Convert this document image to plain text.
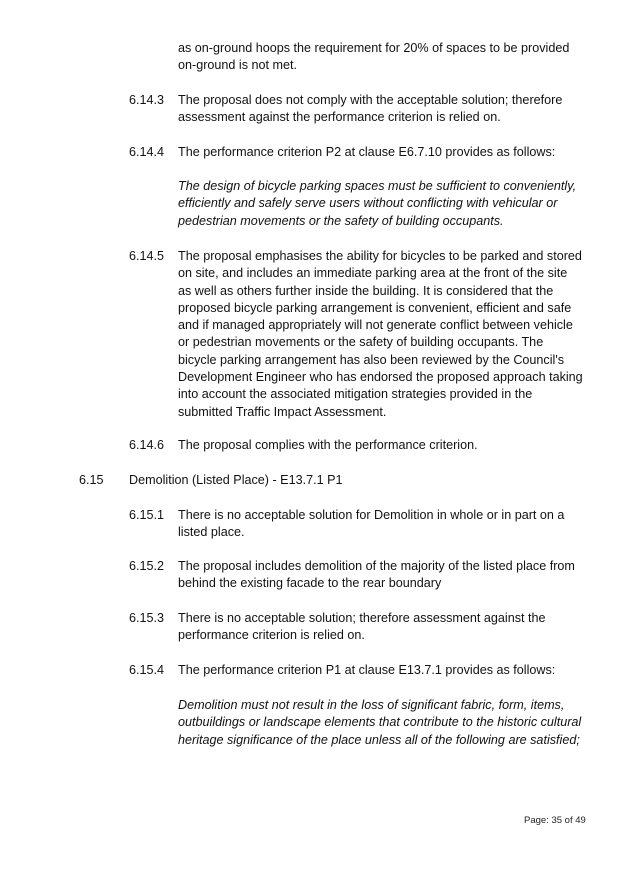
as on-ground hoops the requirement for 20% of spaces to be provided on-ground is not met.

6.14.3 The proposal does not comply with the acceptable solution; therefore assessment against the performance criterion is relied on.

6.14.4 The performance criterion P2 at clause E6.7.10 provides as follows:

The design of bicycle parking spaces must be sufficient to conveniently, efficiently and safely serve users without conflicting with vehicular or pedestrian movements or the safety of building occupants.

6.14.5 The proposal emphasises the ability for bicycles to be parked and stored on site, and includes an immediate parking area at the front of the site as well as others further inside the building. It is considered that the proposed bicycle parking arrangement is convenient, efficient and safe and if managed appropriately will not generate conflict between vehicle or pedestrian movements or the safety of building occupants. The bicycle parking arrangement has also been reviewed by the Council's Development Engineer who has endorsed the proposed approach taking into account the associated mitigation strategies provided in the submitted Traffic Impact Assessment.

6.14.6 The proposal complies with the performance criterion.

6.15 Demolition (Listed Place) - E13.7.1 P1
6.15.1 There is no acceptable solution for Demolition in whole or in part on a listed place.

6.15.2 The proposal includes demolition of the majority of the listed place from behind the existing facade to the rear boundary

6.15.3 There is no acceptable solution; therefore assessment against the performance criterion is relied on.

6.15.4 The performance criterion P1 at clause E13.7.1 provides as follows:

Demolition must not result in the loss of significant fabric, form, items, outbuildings or landscape elements that contribute to the historic cultural heritage significance of the place unless all of the following are satisfied;

Page: 35 of 49
